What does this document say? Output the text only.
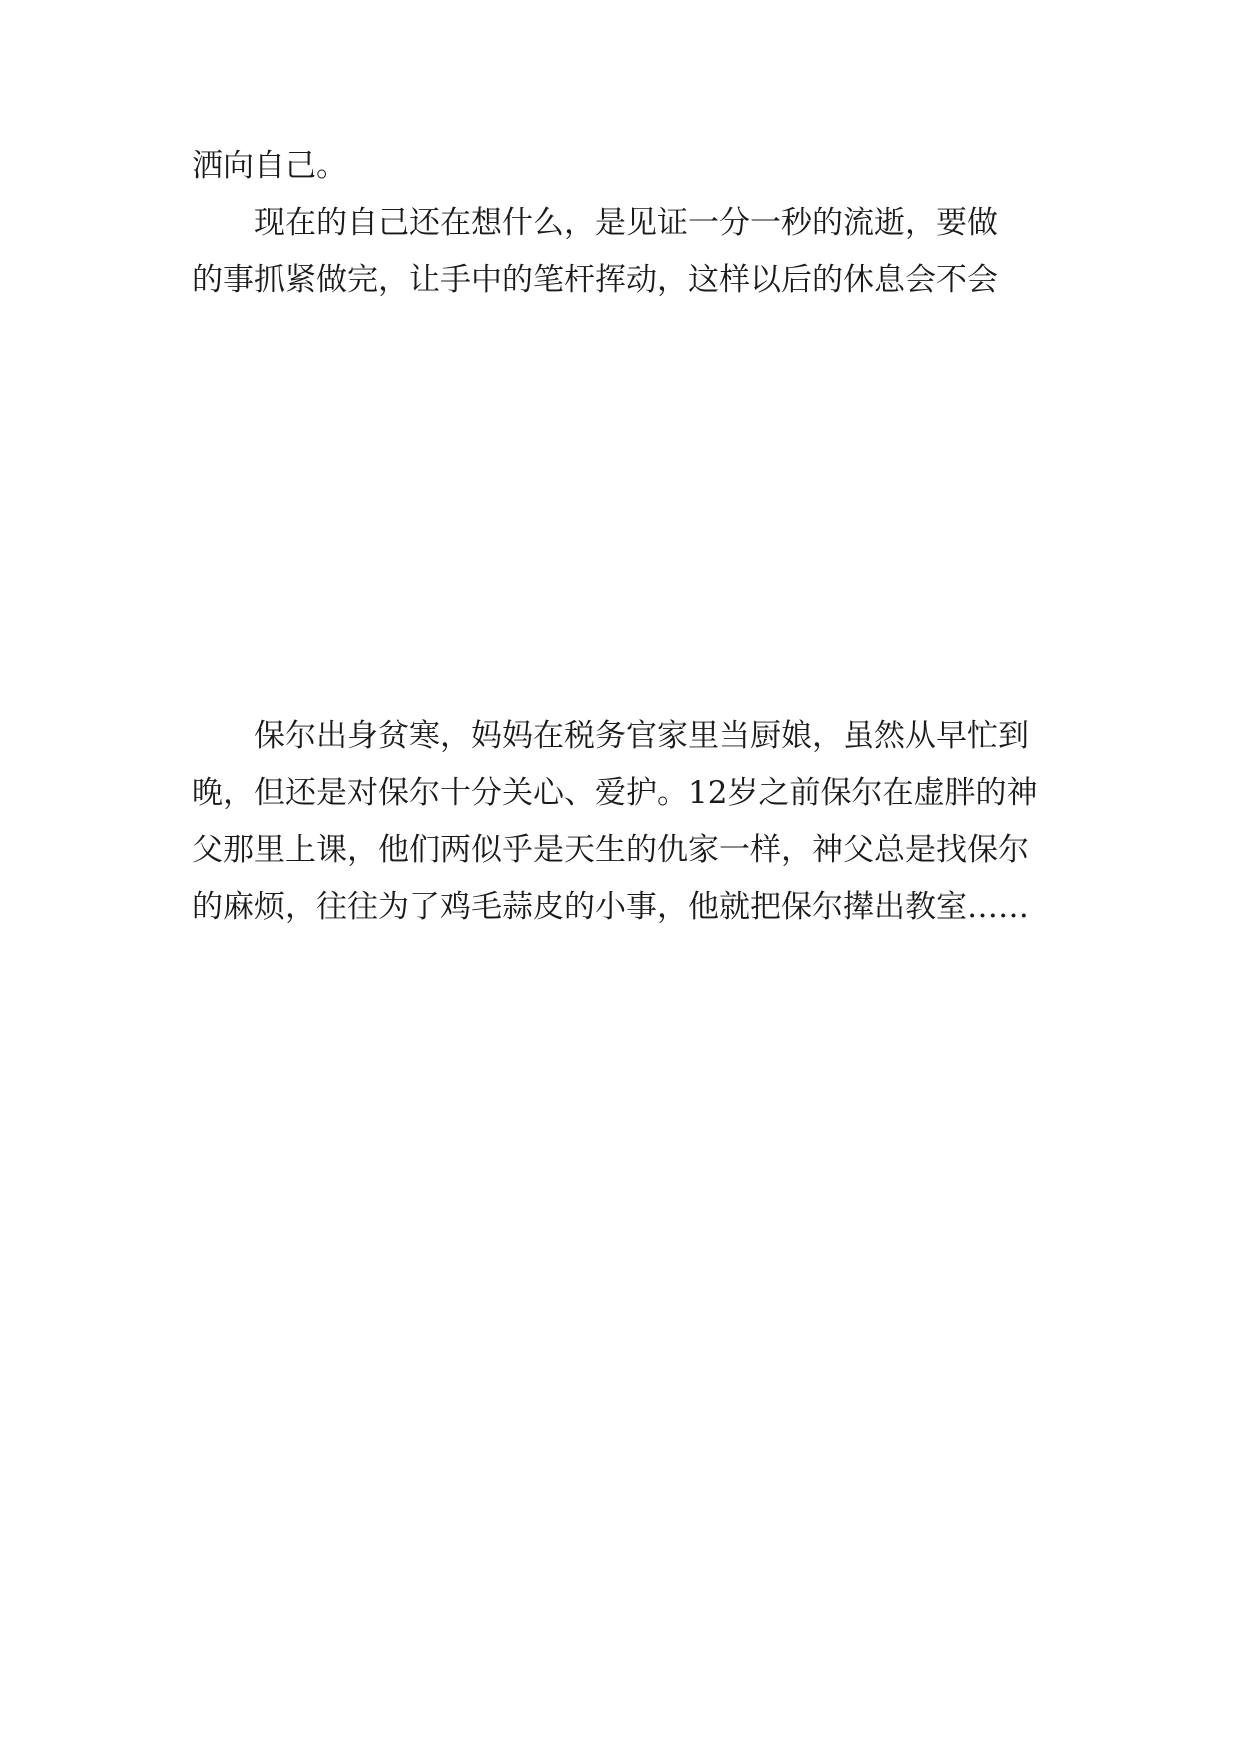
洒向自己。
现在的自己还在想什么，是见证一分一秒的流逝，要做
的事抓紧做完，让手中的笔杆挥动，这样以后的休息会不会
保尔出身贫寒，妈妈在税务官家里当厨娘，虽然从早忙到晚，但还是对保尔十分关心、爱护。12岁之前保尔在虚胖的神父那里上课，他们两似乎是天生的仇家一样，神父总是找保尔的麻烦，往往为了鸡毛蒜皮的小事，他就把保尔撵出教室……
